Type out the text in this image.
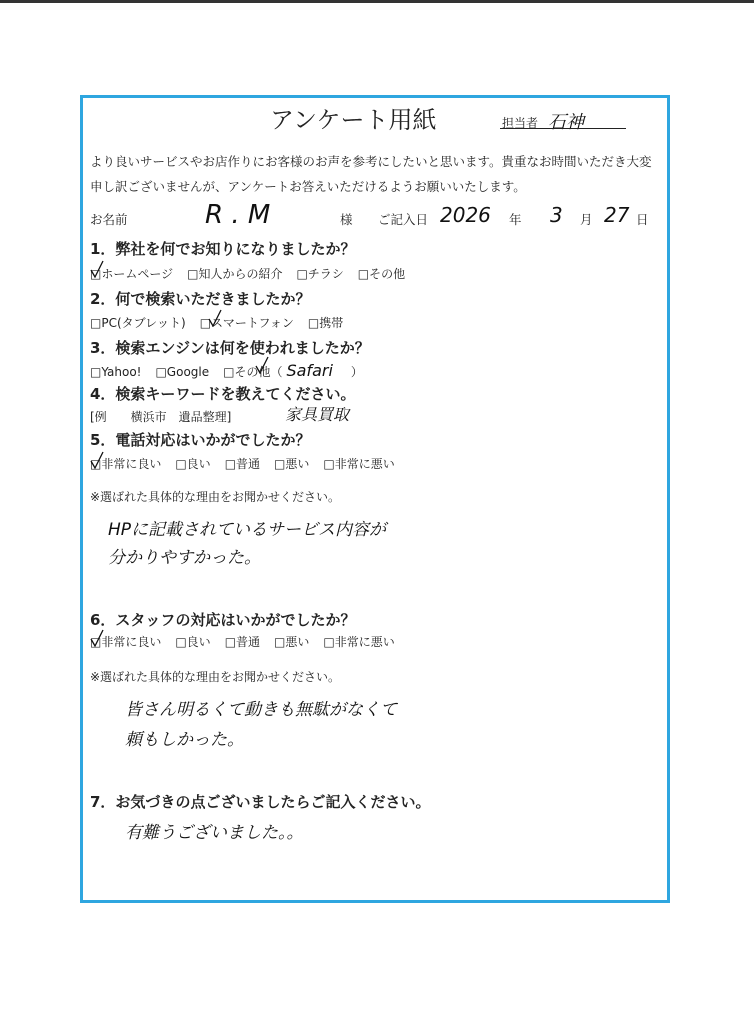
アンケート用紙	担当者 石神
より良いサービスやお店作りにお客様のお声を参考にしたいと思います。貴重なお時間いただき大変
申し訳ございませんが、アンケートお答えいただけるようお願いいたします。
お名前	R . M	様 ご記入日 2026 年 3 月 27 日
1．弊社を何でお知りになりましたか？
□ホームページ □知人からの紹介 □チラシ □その他
2．何で検索いただきましたか？
□PC(タブレット) □スマートフォン □携帯
3．検索エンジンは何を使われましたか？
□Yahoo! □Google □その他（ Safari ）
4．検索キーワードを教えてください。
[例　　横浜市　遺品整理]	家具買取
5．電話対応はいかがでしたか？
□非常に良い □良い □普通 □悪い □非常に悪い
※選ばれた具体的な理由をお聞かせください。
HPに記載されているサービス内容が
分かりやすかった。
6．スタッフの対応はいかがでしたか？
□非常に良い □良い □普通 □悪い □非常に悪い
※選ばれた具体的な理由をお聞かせください。
皆さん明るくて動きも無駄がなくて
頼もしかった。
7．お気づきの点ございましたらご記入ください。
有難うございました。。
